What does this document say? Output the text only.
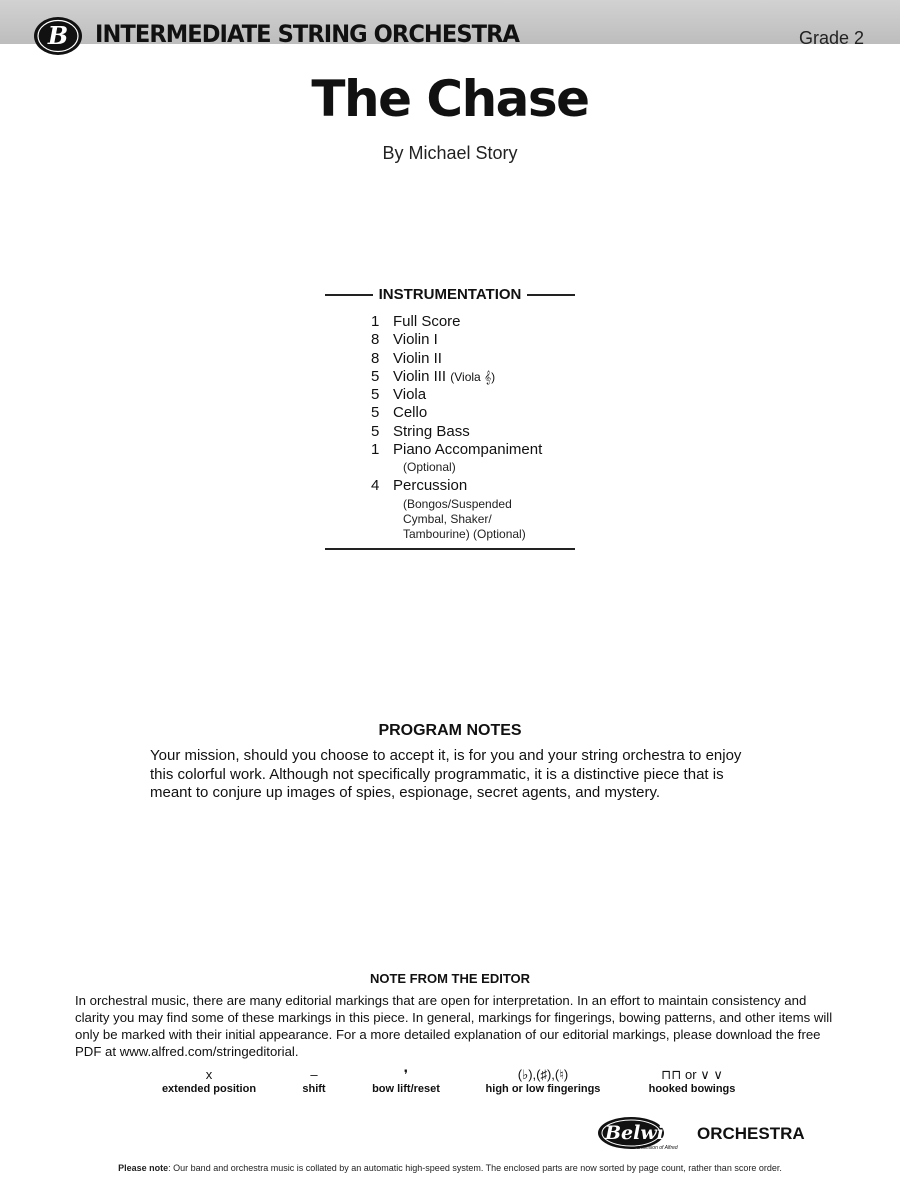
B INTERMEDIATE STRING ORCHESTRA	Grade 2
The Chase
By Michael Story
INSTRUMENTATION
1 Full Score
8 Violin I
8 Violin II
5 Violin III (Viola 𝄞)
5 Viola
5 Cello
5 String Bass
1 Piano Accompaniment
(Optional)
4 Percussion
(Bongos/Suspended
Cymbal, Shaker/
Tambourine) (Optional)
PROGRAM NOTES
Your mission, should you choose to accept it, is for you and your string orchestra to enjoy this colorful work. Although not specifically programmatic, it is a distinctive piece that is meant to conjure up images of spies, espionage, secret agents, and mystery.
NOTE FROM THE EDITOR
In orchestral music, there are many editorial markings that are open for interpretation. In an effort to maintain consistency and clarity you may find some of these markings in this piece. In general, markings for fingerings, bowing patterns, and other items will only be marked with their initial appearance. For a more detailed explanation of our editorial markings, please download the free PDF at www.alfred.com/stringeditorial.
x
extended position
–
shift
❜
bow lift/reset
(♭),(♯),(♮)
high or low fingerings
⊓⊓ or ∨ ∨
hooked bowings
Belwin ORCHESTRA
a division of Alfred
Please note: Our band and orchestra music is collated by an automatic high-speed system. The enclosed parts are now sorted by page count, rather than score order.
